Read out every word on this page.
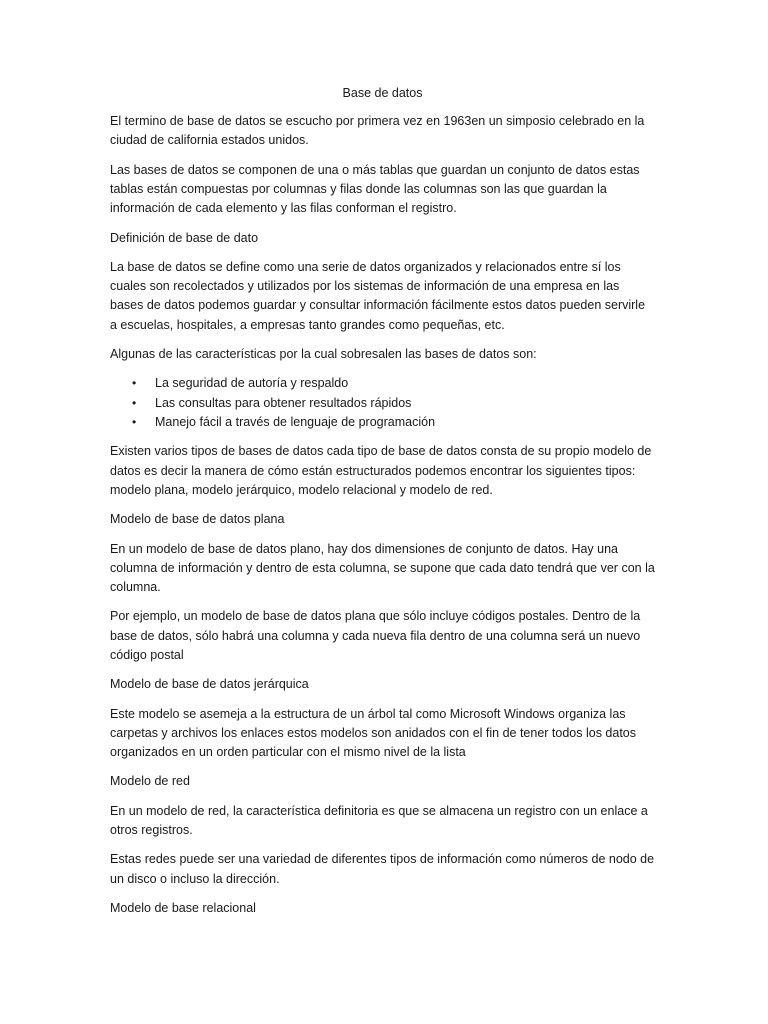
Base de datos

El termino de base de datos se escucho por primera vez en 1963en un simposio celebrado en la ciudad de california estados unidos.

Las bases de datos se componen de una o más tablas que guardan un conjunto de datos estas tablas están compuestas por columnas y filas donde las columnas son las que guardan la información de cada elemento y las filas conforman el registro.

Definición de base de dato

La base de datos se define como una serie de datos organizados y relacionados entre sí los cuales son recolectados y utilizados por los sistemas de información de una empresa en las bases de datos podemos guardar y consultar información fácilmente estos datos pueden servirle a escuelas, hospitales, a empresas tanto grandes como pequeñas, etc.

Algunas de las características por la cual sobresalen las bases de datos son:

• La seguridad de autoría y respaldo
• Las consultas para obtener resultados rápidos
• Manejo fácil a través de lenguaje de programación

Existen varios tipos de bases de datos cada tipo de base de datos consta de su propio modelo de datos es decir la manera de cómo están estructurados podemos encontrar los siguientes tipos: modelo plana, modelo jerárquico, modelo relacional y modelo de red.

Modelo de base de datos plana

En un modelo de base de datos plano, hay dos dimensiones de conjunto de datos. Hay una columna de información y dentro de esta columna, se supone que cada dato tendrá que ver con la columna.

Por ejemplo, un modelo de base de datos plana que sólo incluye códigos postales. Dentro de la base de datos, sólo habrá una columna y cada nueva fila dentro de una columna será un nuevo código postal

Modelo de base de datos jerárquica

Este modelo se asemeja a la estructura de un árbol tal como Microsoft Windows organiza las carpetas y archivos los enlaces estos modelos son anidados con el fin de tener todos los datos organizados en un orden particular con el mismo nivel de la lista

Modelo de red

En un modelo de red, la característica definitoria es que se almacena un registro con un enlace a otros registros.

Estas redes puede ser una variedad de diferentes tipos de información como números de nodo de un disco o incluso la dirección.

Modelo de base relacional
